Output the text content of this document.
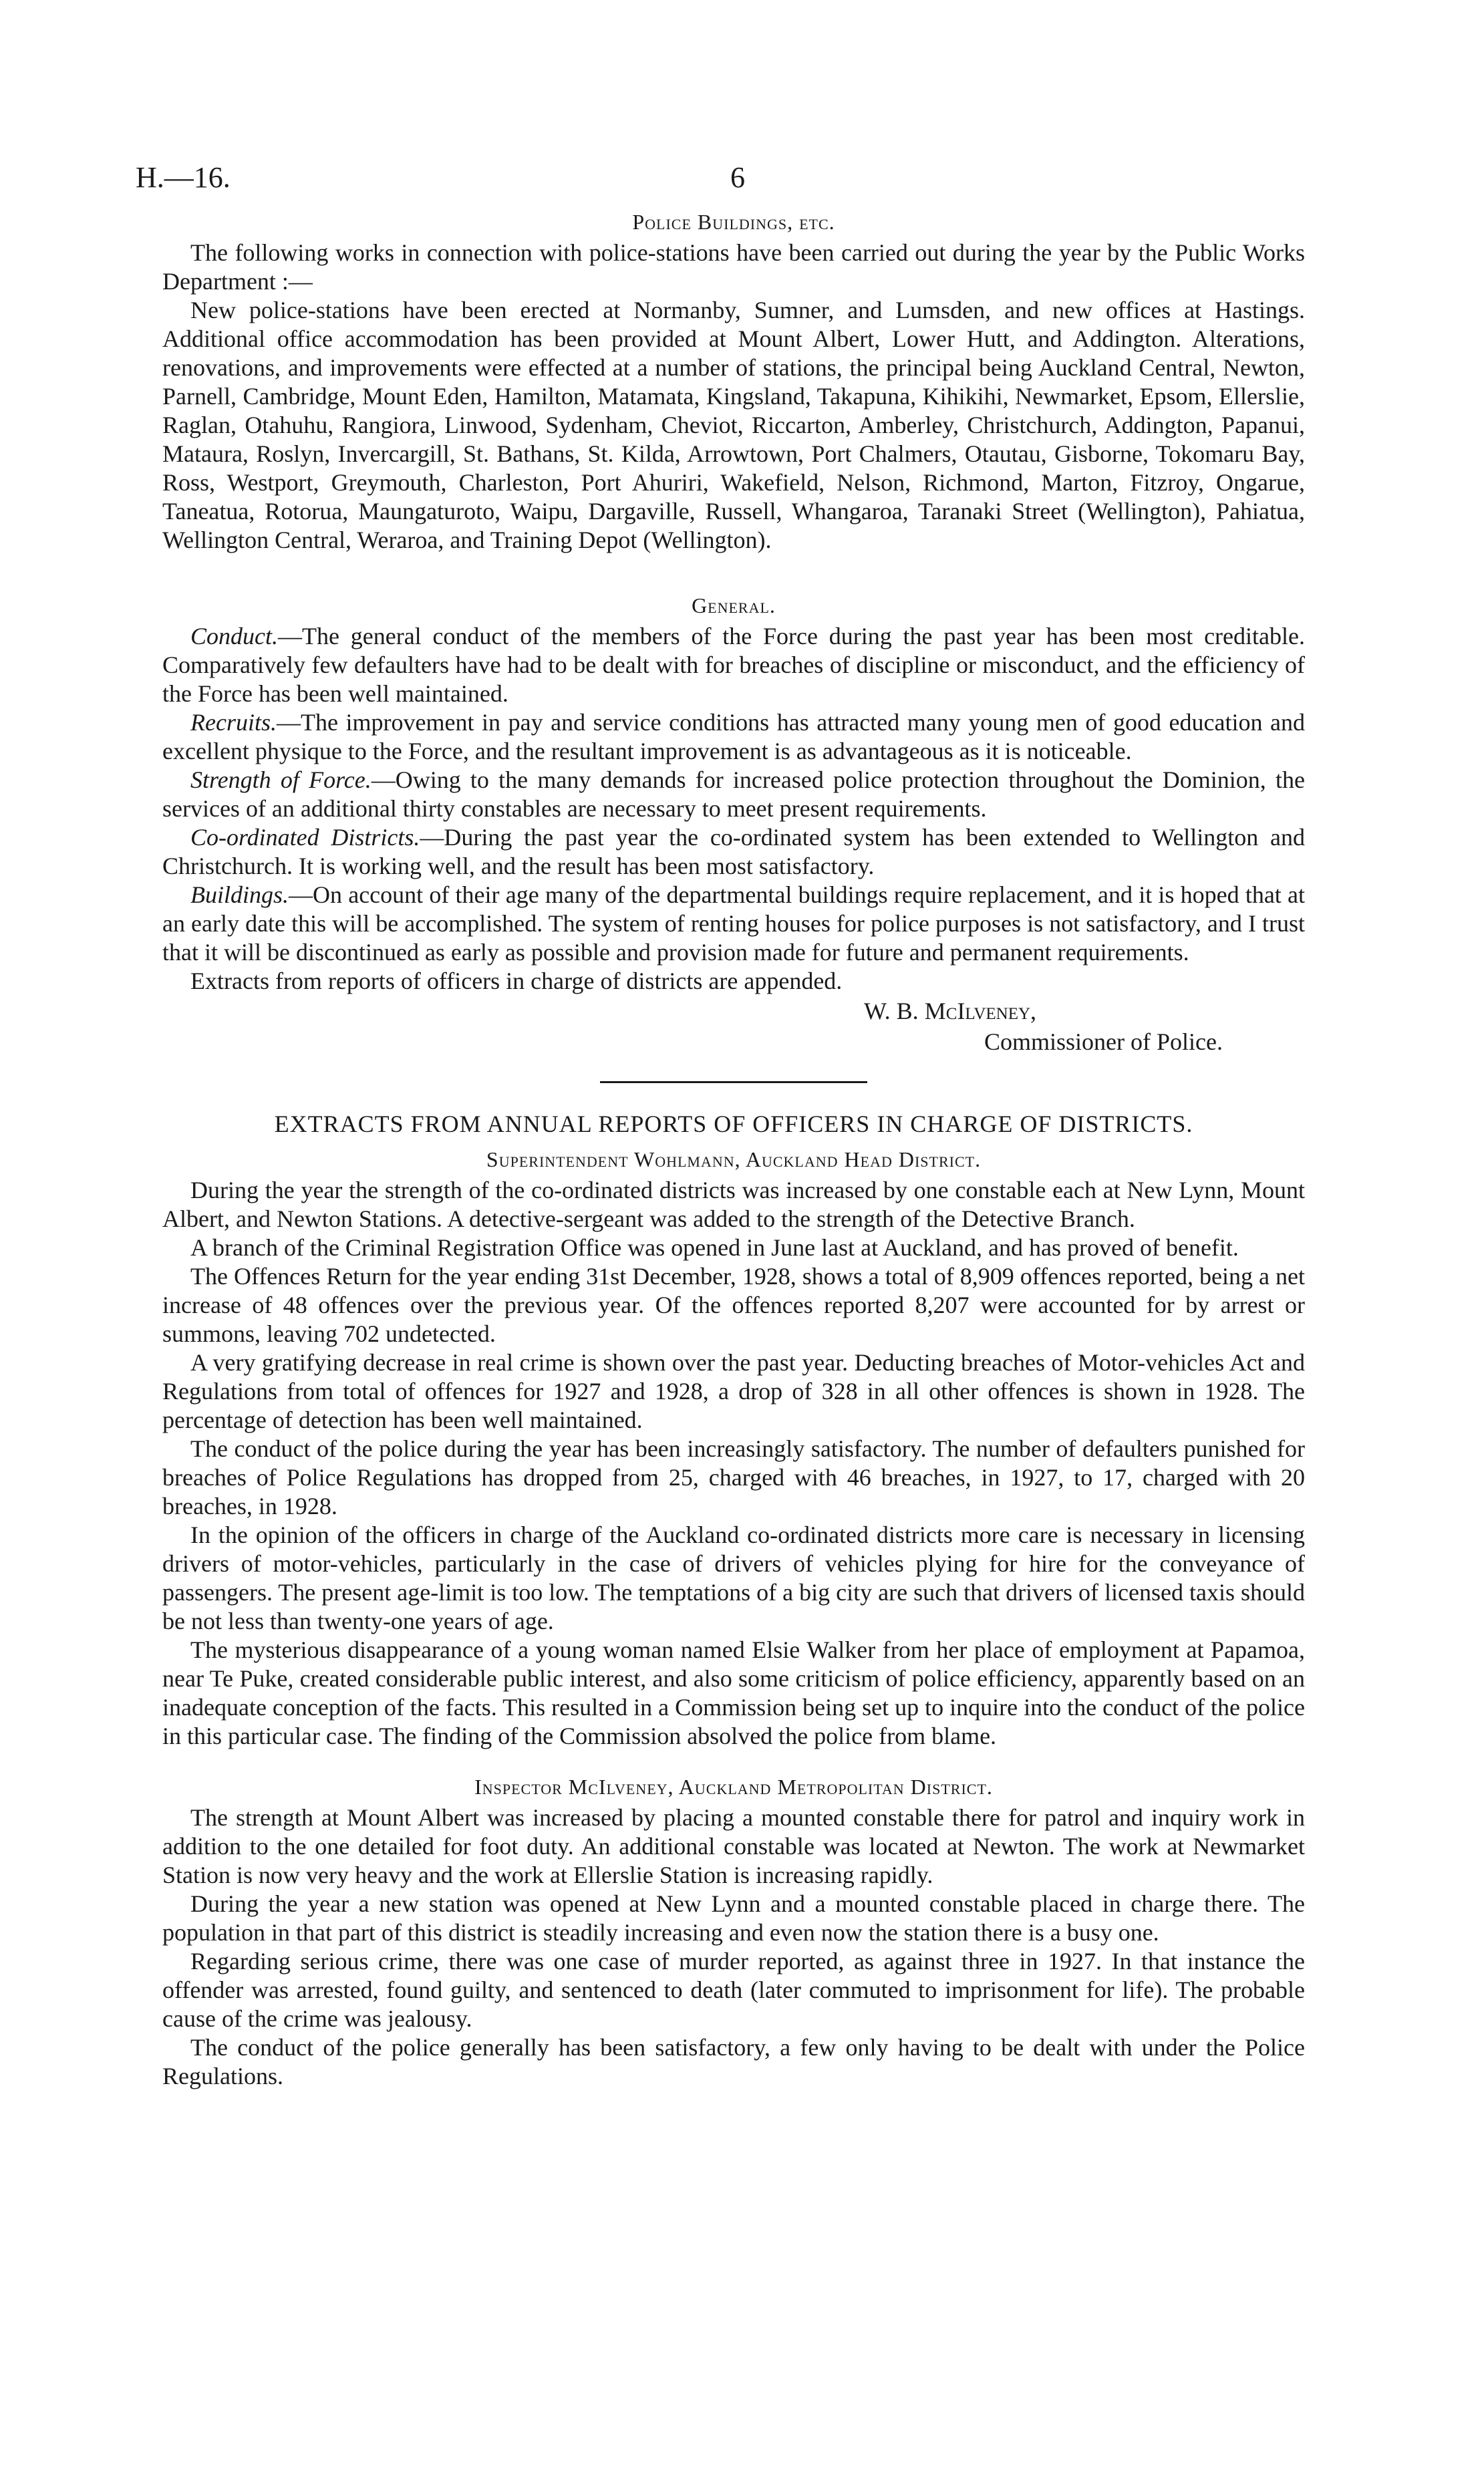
H.—16.	6
Police Buildings, etc.

The following works in connection with police-stations have been carried out during the year by the Public Works Department :—

New police-stations have been erected at Normanby, Sumner, and Lumsden, and new offices at Hastings. Additional office accommodation has been provided at Mount Albert, Lower Hutt, and Addington. Alterations, renovations, and improvements were effected at a number of stations, the principal being Auckland Central, Newton, Parnell, Cambridge, Mount Eden, Hamilton, Matamata, Kingsland, Takapuna, Kihikihi, Newmarket, Epsom, Ellerslie, Raglan, Otahuhu, Rangiora, Linwood, Sydenham, Cheviot, Riccarton, Amberley, Christchurch, Addington, Papanui, Mataura, Roslyn, Invercargill, St. Bathans, St. Kilda, Arrowtown, Port Chalmers, Otautau, Gisborne, Tokomaru Bay, Ross, Westport, Greymouth, Charleston, Port Ahuriri, Wakefield, Nelson, Richmond, Marton, Fitzroy, Ongarue, Taneatua, Rotorua, Maungaturoto, Waipu, Dargaville, Russell, Whangaroa, Taranaki Street (Wellington), Pahiatua, Wellington Central, Weraroa, and Training Depot (Wellington).

General.

Conduct.—The general conduct of the members of the Force during the past year has been most creditable. Comparatively few defaulters have had to be dealt with for breaches of discipline or misconduct, and the efficiency of the Force has been well maintained.

Recruits.—The improvement in pay and service conditions has attracted many young men of good education and excellent physique to the Force, and the resultant improvement is as advantageous as it is noticeable.

Strength of Force.—Owing to the many demands for increased police protection throughout the Dominion, the services of an additional thirty constables are necessary to meet present requirements.

Co-ordinated Districts.—During the past year the co-ordinated system has been extended to Wellington and Christchurch. It is working well, and the result has been most satisfactory.

Buildings.—On account of their age many of the departmental buildings require replacement, and it is hoped that at an early date this will be accomplished. The system of renting houses for police purposes is not satisfactory, and I trust that it will be discontinued as early as possible and provision made for future and permanent requirements.

Extracts from reports of officers in charge of districts are appended.

W. B. McIlveney,
Commissioner of Police.
EXTRACTS FROM ANNUAL REPORTS OF OFFICERS IN CHARGE OF DISTRICTS.
Superintendent Wohlmann, Auckland Head District.

During the year the strength of the co-ordinated districts was increased by one constable each at New Lynn, Mount Albert, and Newton Stations. A detective-sergeant was added to the strength of the Detective Branch.

A branch of the Criminal Registration Office was opened in June last at Auckland, and has proved of benefit.

The Offences Return for the year ending 31st December, 1928, shows a total of 8,909 offences reported, being a net increase of 48 offences over the previous year. Of the offences reported 8,207 were accounted for by arrest or summons, leaving 702 undetected.

A very gratifying decrease in real crime is shown over the past year. Deducting breaches of Motor-vehicles Act and Regulations from total of offences for 1927 and 1928, a drop of 328 in all other offences is shown in 1928. The percentage of detection has been well maintained.

The conduct of the police during the year has been increasingly satisfactory. The number of defaulters punished for breaches of Police Regulations has dropped from 25, charged with 46 breaches, in 1927, to 17, charged with 20 breaches, in 1928.

In the opinion of the officers in charge of the Auckland co-ordinated districts more care is necessary in licensing drivers of motor-vehicles, particularly in the case of drivers of vehicles plying for hire for the conveyance of passengers. The present age-limit is too low. The temptations of a big city are such that drivers of licensed taxis should be not less than twenty-one years of age.

The mysterious disappearance of a young woman named Elsie Walker from her place of employment at Papamoa, near Te Puke, created considerable public interest, and also some criticism of police efficiency, apparently based on an inadequate conception of the facts. This resulted in a Commission being set up to inquire into the conduct of the police in this particular case. The finding of the Commission absolved the police from blame.

Inspector McIlveney, Auckland Metropolitan District.

The strength at Mount Albert was increased by placing a mounted constable there for patrol and inquiry work in addition to the one detailed for foot duty. An additional constable was located at Newton. The work at Newmarket Station is now very heavy and the work at Ellerslie Station is increasing rapidly.

During the year a new station was opened at New Lynn and a mounted constable placed in charge there. The population in that part of this district is steadily increasing and even now the station there is a busy one.

Regarding serious crime, there was one case of murder reported, as against three in 1927. In that instance the offender was arrested, found guilty, and sentenced to death (later commuted to imprisonment for life). The probable cause of the crime was jealousy.

The conduct of the police generally has been satisfactory, a few only having to be dealt with under the Police Regulations.
